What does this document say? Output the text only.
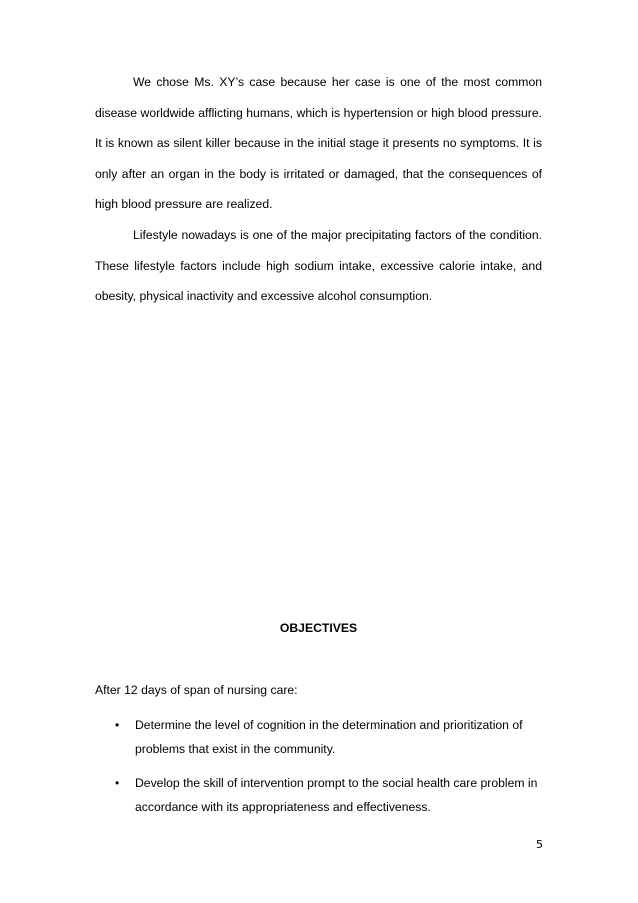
We chose Ms. XY’s case because her case is one of the most common disease worldwide afflicting humans, which is hypertension or high blood pressure. It is known as silent killer because in the initial stage it presents no symptoms. It is only after an organ in the body is irritated or damaged, that the consequences of high blood pressure are realized.

Lifestyle nowadays is one of the major precipitating factors of the condition. These lifestyle factors include high sodium intake, excessive calorie intake, and obesity, physical inactivity and excessive alcohol consumption.

OBJECTIVES

After 12 days of span of nursing care:

• Determine the level of cognition in the determination and prioritization of problems that exist in the community.
• Develop the skill of intervention prompt to the social health care problem in accordance with its appropriateness and effectiveness.
5
